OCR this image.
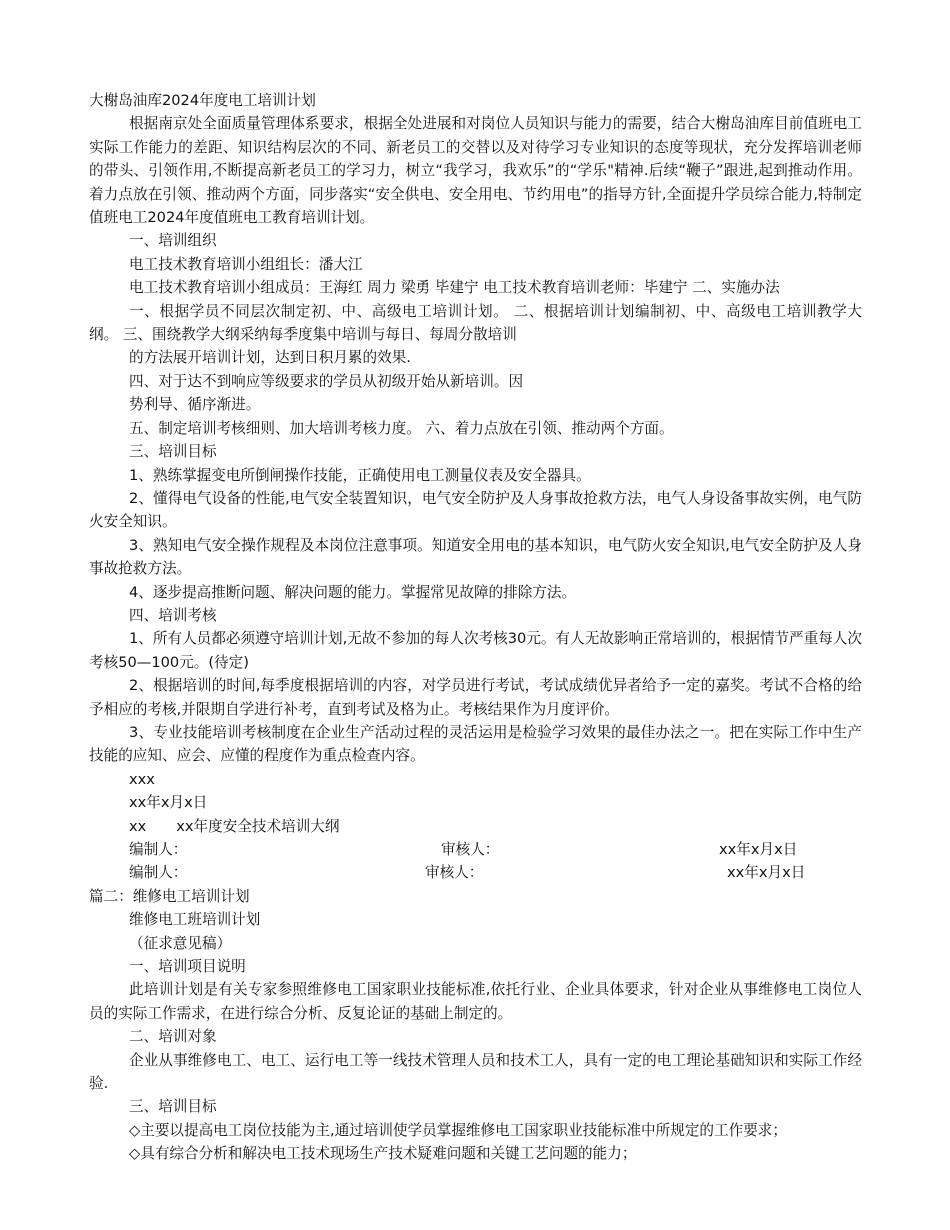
大榭岛油库2024年度电工培训计划

根据南京处全面质量管理体系要求，根据全处进展和对岗位人员知识与能力的需要，结合大榭岛油库目前值班电工实际工作能力的差距、知识结构层次的不同、新老员工的交替以及对待学习专业知识的态度等现状，充分发挥培训老师的带头、引领作用,不断提高新老员工的学习力，树立“我学习，我欢乐”的“学乐"精神.后续“鞭子”跟进,起到推动作用。着力点放在引领、推动两个方面，同步落实“安全供电、安全用电、节约用电”的指导方针,全面提升学员综合能力,特制定值班电工2024年度值班电工教育培训计划。

一、培训组织

电工技术教育培训小组组长：潘大江

电工技术教育培训小组成员：王海红 周力 梁勇 毕建宁 电工技术教育培训老师：毕建宁 二、实施办法

一、根据学员不同层次制定初、中、高级电工培训计划。 二、根据培训计划编制初、中、高级电工培训教学大纲。 三、围绕教学大纲采纳每季度集中培训与每日、每周分散培训

的方法展开培训计划，达到日积月累的效果.

四、对于达不到响应等级要求的学员从初级开始从新培训。因

势利导、循序渐进。

五、制定培训考核细则、加大培训考核力度。 六、着力点放在引领、推动两个方面。

三、培训目标

1、熟练掌握变电所倒闸操作技能，正确使用电工测量仪表及安全器具。

2、懂得电气设备的性能,电气安全装置知识，电气安全防护及人身事故抢救方法，电气人身设备事故实例，电气防火安全知识。

3、熟知电气安全操作规程及本岗位注意事项。知道安全用电的基本知识，电气防火安全知识,电气安全防护及人身事故抢救方法。

4、逐步提高推断问题、解决问题的能力。掌握常见故障的排除方法。

四、培训考核

1、所有人员都必须遵守培训计划,无故不参加的每人次考核30元。有人无故影响正常培训的，根据情节严重每人次考核50—100元。(待定)

2、根据培训的时间,每季度根据培训的内容，对学员进行考试，考试成绩优异者给予一定的嘉奖。考试不合格的给予相应的考核,并限期自学进行补考，直到考试及格为止。考核结果作为月度评价。

3、专业技能培训考核制度在企业生产活动过程的灵活运用是检验学习效果的最佳办法之一。把在实际工作中生产技能的应知、应会、应懂的程度作为重点检查内容。

xxx

xx年x月x日

xx xx年度安全技术培训大纲

编制人：	审核人：	xx年x月x日
编制人：	审核人：	xx年x月x日

篇二：维修电工培训计划

维修电工班培训计划

（征求意见稿）

一、培训项目说明

此培训计划是有关专家参照维修电工国家职业技能标准,依托行业、企业具体要求，针对企业从事维修电工岗位人员的实际工作需求，在进行综合分析、反复论证的基础上制定的。

二、培训对象

企业从事维修电工、电工、运行电工等一线技术管理人员和技术工人，具有一定的电工理论基础知识和实际工作经验.

三、培训目标

◇主要以提高电工岗位技能为主,通过培训使学员掌握维修电工国家职业技能标准中所规定的工作要求；

◇具有综合分析和解决电工技术现场生产技术疑难问题和关键工艺问题的能力；
